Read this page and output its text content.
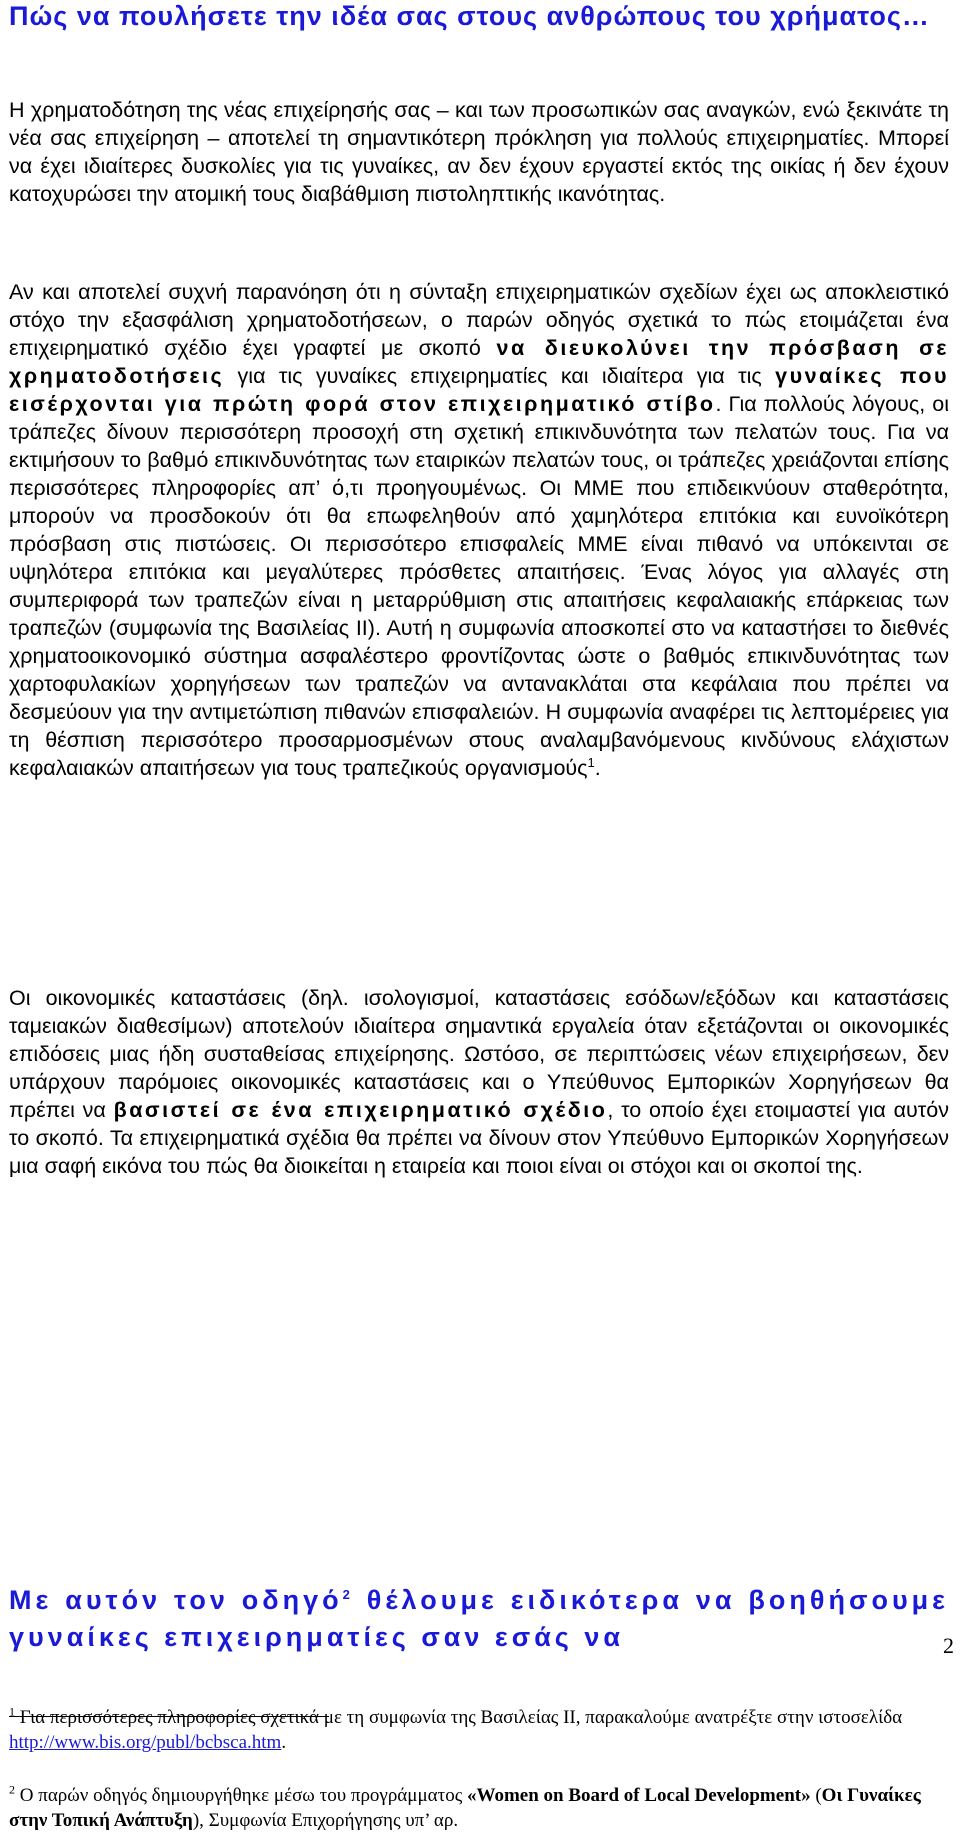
Πώς να πουλήσετε την ιδέα σας στους ανθρώπους του χρήματος…

Η χρηματοδότηση της νέας επιχείρησής σας – και των προσωπικών σας αναγκών, ενώ ξεκινάτε τη νέα σας επιχείρηση – αποτελεί τη σημαντικότερη πρόκληση για πολλούς επιχειρηματίες. Μπορεί να έχει ιδιαίτερες δυσκολίες για τις γυναίκες, αν δεν έχουν εργαστεί εκτός της οικίας ή δεν έχουν κατοχυρώσει την ατομική τους διαβάθμιση πιστοληπτικής ικανότητας.

Αν και αποτελεί συχνή παρανόηση ότι η σύνταξη επιχειρηματικών σχεδίων έχει ως αποκλειστικό στόχο την εξασφάλιση χρηματοδοτήσεων, ο παρών οδηγός σχετικά το πώς ετοιμάζεται ένα επιχειρηματικό σχέδιο έχει γραφτεί με σκοπό να διευκολύνει την πρόσβαση σε χρηματοδοτήσεις για τις γυναίκες επιχειρηματίες και ιδιαίτερα για τις γυναίκες που εισέρχονται για πρώτη φορά στον επιχειρηματικό στίβο. Για πολλούς λόγους, οι τράπεζες δίνουν περισσότερη προσοχή στη σχετική επικινδυνότητα των πελατών τους. Για να εκτιμήσουν το βαθμό επικινδυνότητας των εταιρικών πελατών τους, οι τράπεζες χρειάζονται επίσης περισσότερες πληροφορίες απ’ ό,τι προηγουμένως. Οι ΜΜΕ που επιδεικνύουν σταθερότητα, μπορούν να προσδοκούν ότι θα επωφεληθούν από χαμηλότερα επιτόκια και ευνοϊκότερη πρόσβαση στις πιστώσεις. Οι περισσότερο επισφαλείς ΜΜΕ είναι πιθανό να υπόκεινται σε υψηλότερα επιτόκια και μεγαλύτερες πρόσθετες απαιτήσεις. Ένας λόγος για αλλαγές στη συμπεριφορά των τραπεζών είναι η μεταρρύθμιση στις απαιτήσεις κεφαλαιακής επάρκειας των τραπεζών (συμφωνία της Βασιλείας ΙΙ). Αυτή η συμφωνία αποσκοπεί στο να καταστήσει το διεθνές χρηματοοικονομικό σύστημα ασφαλέστερο φροντίζοντας ώστε ο βαθμός επικινδυνότητας των χαρτοφυλακίων χορηγήσεων των τραπεζών να αντανακλάται στα κεφάλαια που πρέπει να δεσμεύουν για την αντιμετώπιση πιθανών επισφαλειών. Η συμφωνία αναφέρει τις λεπτομέρειες για τη θέσπιση περισσότερο προσαρμοσμένων στους αναλαμβανόμενους κινδύνους ελάχιστων κεφαλαιακών απαιτήσεων για τους τραπεζικούς οργανισμούς$^1$.

Οι οικονομικές καταστάσεις (δηλ. ισολογισμοί, καταστάσεις εσόδων/εξόδων και καταστάσεις ταμειακών διαθεσίμων) αποτελούν ιδιαίτερα σημαντικά εργαλεία όταν εξετάζονται οι οικονομικές επιδόσεις μιας ήδη συσταθείσας επιχείρησης. Ωστόσο, σε περιπτώσεις νέων επιχειρήσεων, δεν υπάρχουν παρόμοιες οικονομικές καταστάσεις και ο Υπεύθυνος Εμπορικών Χορηγήσεων θα πρέπει να βασιστεί σε ένα επιχειρηματικό σχέδιο, το οποίο έχει ετοιμαστεί για αυτόν το σκοπό. Τα επιχειρηματικά σχέδια θα πρέπει να δίνουν στον Υπεύθυνο Εμπορικών Χορηγήσεων μια σαφή εικόνα του πώς θα διοικείται η εταιρεία και ποιοι είναι οι στόχοι και οι σκοποί της.

Με αυτόν τον οδηγό$^2$ θέλουμε ειδικότερα να βοηθήσουμε γυναίκες επιχειρηματίες σαν εσάς να

$^1$ Για περισσότερες πληροφορίες σχετικά με τη συμφωνία της Βασιλείας ΙΙ, παρακαλούμε ανατρέξτε στην ιστοσελίδα http://www.bis.org/publ/bcbsca.htm.

$^2$ Ο παρών οδηγός δημιουργήθηκε μέσω του προγράμματος «Women on Board of Local Development» (Οι Γυναίκες στην Τοπική Ανάπτυξη), Συμφωνία Επιχορήγησης υπ’ αρ.

2
